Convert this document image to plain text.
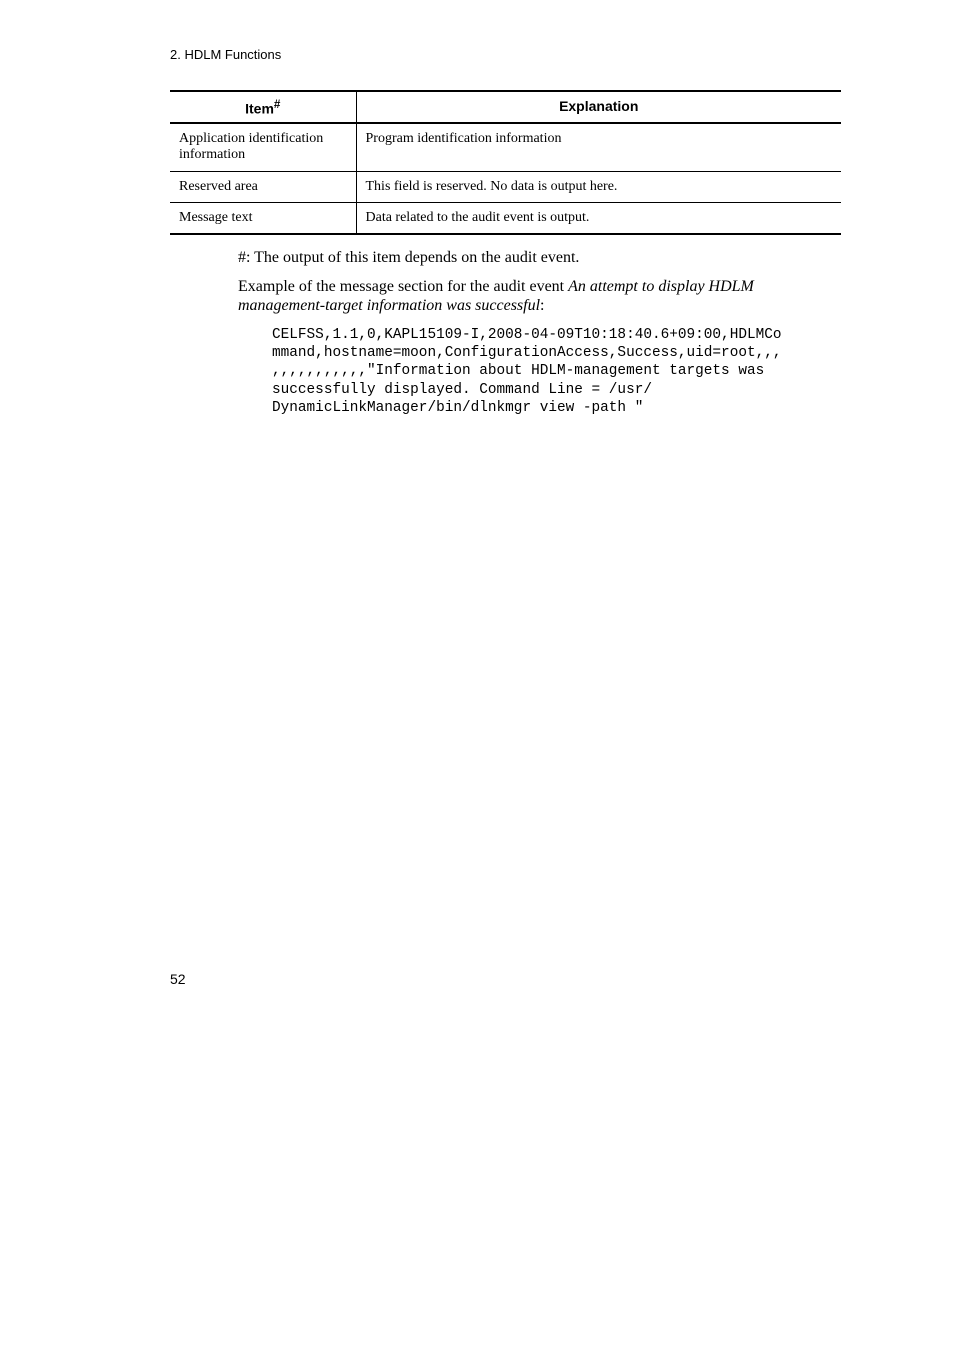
2. HDLM Functions
Item#	Explanation
Application identification information	Program identification information
Reserved area	This field is reserved. No data is output here.
Message text	Data related to the audit event is output.
#: The output of this item depends on the audit event.
Example of the message section for the audit event An attempt to display HDLM management-target information was successful:
CELFSS,1.1,0,KAPL15109-I,2008-04-09T10:18:40.6+09:00,HDLMCo
mmand,hostname=moon,ConfigurationAccess,Success,uid=root,,,
,,,,,,,,,,,"Information about HDLM-management targets was
successfully displayed. Command Line = /usr/
DynamicLinkManager/bin/dlnkmgr view -path "
52
